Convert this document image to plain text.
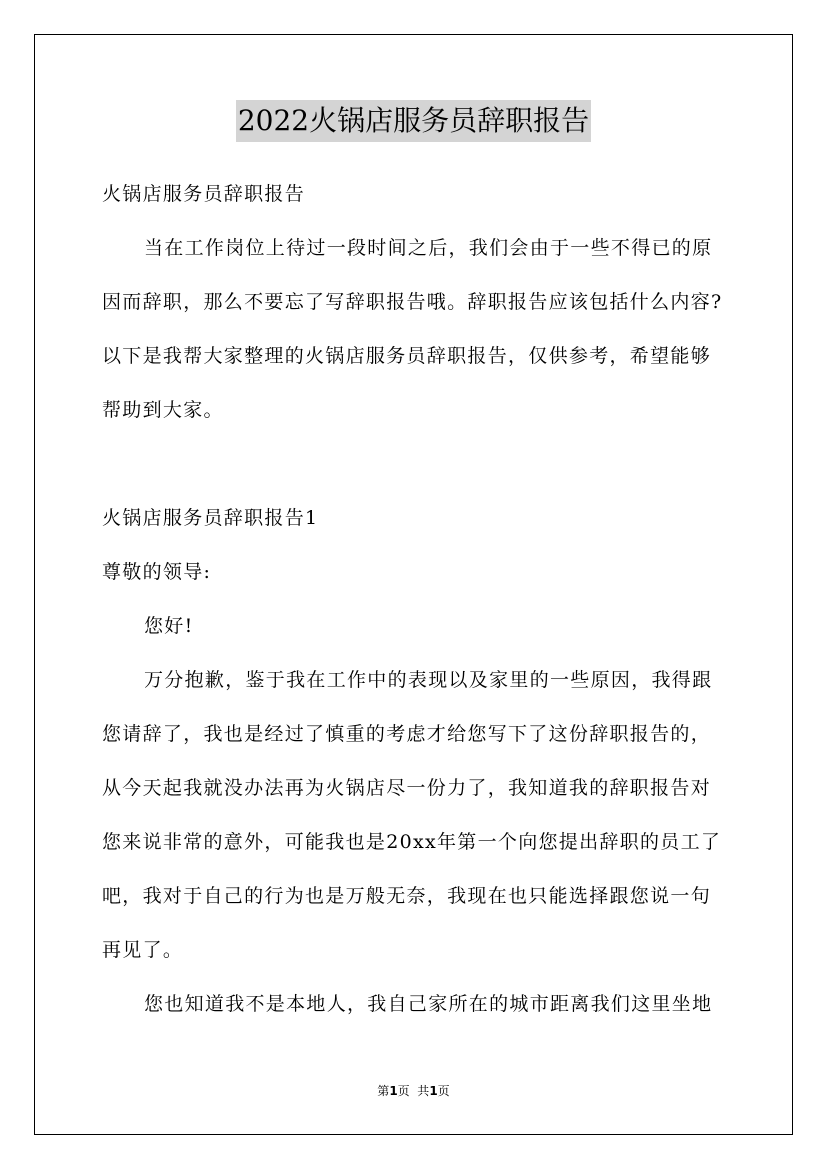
2022火锅店服务员辞职报告
火锅店服务员辞职报告
当在工作岗位上待过一段时间之后，我们会由于一些不得已的原
因而辞职，那么不要忘了写辞职报告哦。辞职报告应该包括什么内容?
以下是我帮大家整理的火锅店服务员辞职报告，仅供参考，希望能够
帮助到大家。
火锅店服务员辞职报告1
尊敬的领导:
您好!
万分抱歉，鉴于我在工作中的表现以及家里的一些原因，我得跟
您请辞了，我也是经过了慎重的考虑才给您写下了这份辞职报告的，
从今天起我就没办法再为火锅店尽一份力了，我知道我的辞职报告对
您来说非常的意外，可能我也是20xx年第一个向您提出辞职的员工了
吧，我对于自己的行为也是万般无奈，我现在也只能选择跟您说一句
再见了。
您也知道我不是本地人，我自己家所在的城市距离我们这里坐地
第1页  共1页
